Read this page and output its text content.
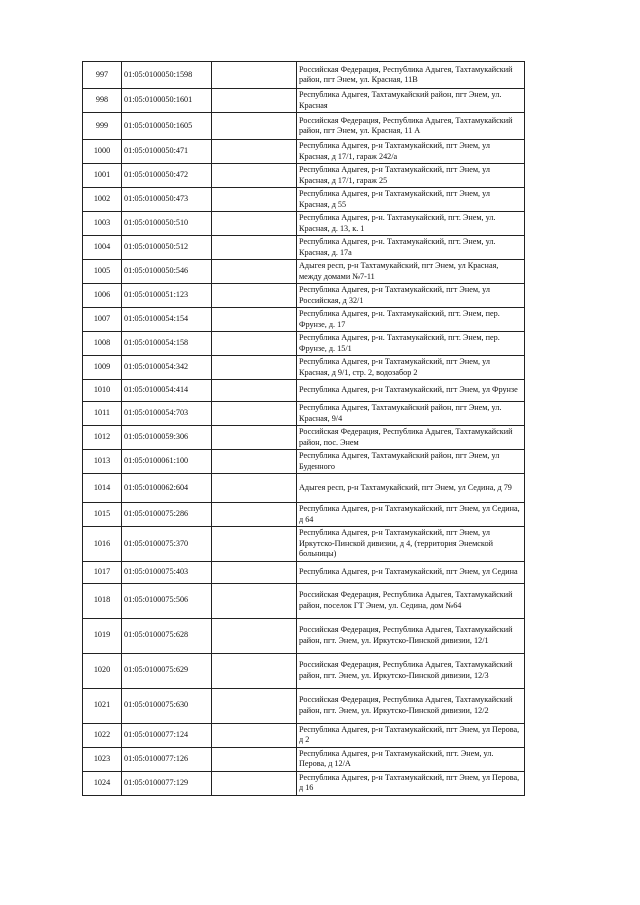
997	01:05:0100050:1598		Российская Федерация, Республика Адыгея, Тахтамукайский район, пгт Энем, ул. Красная, 11В
998	01:05:0100050:1601		Республика Адыгея, Тахтамукайский район, пгт Энем, ул. Красная
999	01:05:0100050:1605		Российская Федерация, Республика Адыгея, Тахтамукайский район, пгт Энем, ул. Красная, 11 А
1000	01:05:0100050:471		Республика Адыгея, р-н Тахтамукайский, пгт Энем, ул Красная, д 17/1, гараж 242/а
1001	01:05:0100050:472		Республика Адыгея, р-н Тахтамукайский, пгт Энем, ул Красная, д 17/1, гараж 25
1002	01:05:0100050:473		Республика Адыгея, р-н Тахтамукайский, пгт Энем, ул Красная, д 55
1003	01:05:0100050:510		Республика Адыгея, р-н. Тахтамукайский, пгт. Энем, ул. Красная, д. 13, к. 1
1004	01:05:0100050:512		Республика Адыгея, р-н. Тахтамукайский, пгт. Энем, ул. Красная, д. 17а
1005	01:05:0100050:546		Адыгея респ, р-н Тахтамукайский, пгт Энем, ул Красная, между домами №7-11
1006	01:05:0100051:123		Республика Адыгея, р-н Тахтамукайский, пгт Энем, ул Российская, д 32/1
1007	01:05:0100054:154		Республика Адыгея, р-н. Тахтамукайский, пгт. Энем, пер. Фрунзе, д. 17
1008	01:05:0100054:158		Республика Адыгея, р-н. Тахтамукайский, пгт. Энем, пер. Фрунзе, д. 15/1
1009	01:05:0100054:342		Республика Адыгея, р-н Тахтамукайский, пгт Энем, ул Красная, д 9/1, стр. 2, водозабор 2
1010	01:05:0100054:414		Республика Адыгея, р-н Тахтамукайский, пгт Энем, ул Фрунзе
1011	01:05:0100054:703		Республика Адыгея, Тахтамукайский район, пгт Энем, ул. Красная, 9/4
1012	01:05:0100059:306		Российская Федерация, Республика Адыгея, Тахтамукайский район, пос. Энем
1013	01:05:0100061:100		Республика Адыгея, Тахтамукайский район, пгт Энем, ул Буденного
1014	01:05:0100062:604		Адыгея респ, р-н Тахтамукайский, пгт Энем, ул Седина, д 79
1015	01:05:0100075:286		Республика Адыгея, р-н Тахтамукайский, пгт Энем, ул Седина, д 64
1016	01:05:0100075:370		Республика Адыгея, р-н Тахтамукайский, пгт Энем, ул Иркутско-Пинской дивизии, д 4, (территория Энемской больницы)
1017	01:05:0100075:403		Республика Адыгея, р-н Тахтамукайский, пгт Энем, ул Седина
1018	01:05:0100075:506		Российская Федерация, Республика Адыгея, Тахтамукайский район, поселок ГТ Энем, ул. Седина, дом №64
1019	01:05:0100075:628		Российская Федерация, Республика Адыгея, Тахтамукайский район, пгт. Энем, ул. Иркутско-Пинской дивизии, 12/1
1020	01:05:0100075:629		Российская Федерация, Республика Адыгея, Тахтамукайский район, пгт. Энем, ул. Иркутско-Пинской дивизии, 12/3
1021	01:05:0100075:630		Российская Федерация, Республика Адыгея, Тахтамукайский район, пгт. Энем, ул. Иркутско-Пинской дивизии, 12/2
1022	01:05:0100077:124		Республика Адыгея, р-н Тахтамукайский, пгт Энем, ул Перова, д 2
1023	01:05:0100077:126		Республика Адыгея, р-н Тахтамукайский, пгт. Энем, ул. Перова, д 12/А
1024	01:05:0100077:129		Республика Адыгея, р-н Тахтамукайский, пгт Энем, ул Перова, д 16
